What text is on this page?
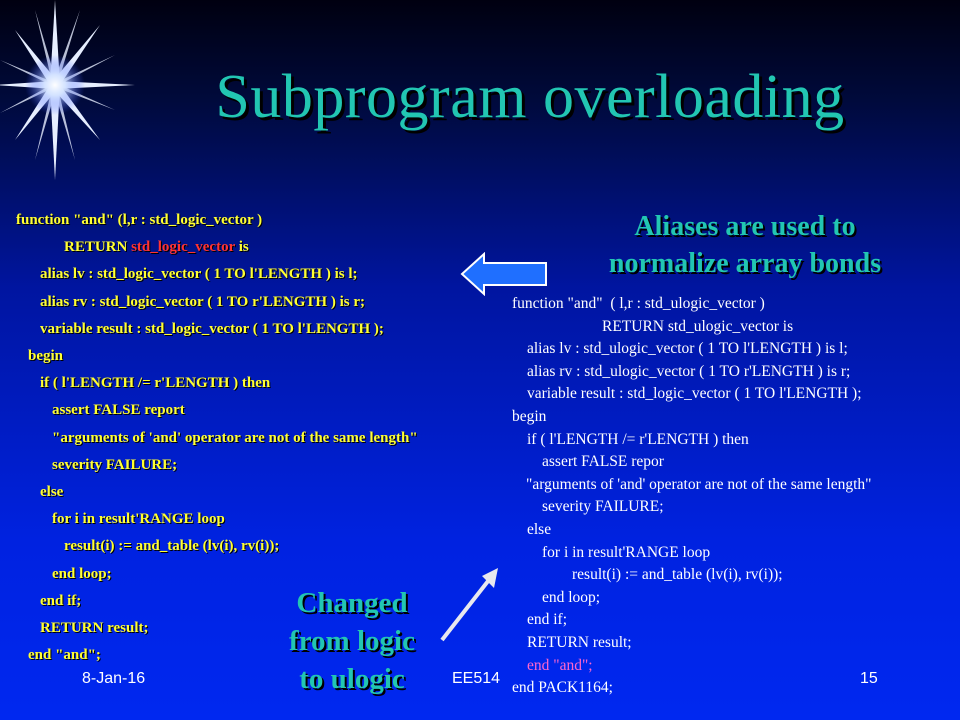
Subprogram overloading
function "and" (l,r : std_logic_vector )
RETURN std_logic_vector is
alias lv : std_logic_vector ( 1 TO l'LENGTH ) is l;
alias rv : std_logic_vector ( 1 TO r'LENGTH ) is r;
variable result : std_logic_vector ( 1 TO l'LENGTH );
begin
if ( l'LENGTH /= r'LENGTH ) then
assert FALSE report
"arguments of 'and' operator are not of the same length"
severity FAILURE;
else
for i in result'RANGE loop
result(i) := and_table (lv(i), rv(i));
end loop;
end if;
RETURN result;
end "and";
function "and"  ( l,r : std_ulogic_vector )
RETURN std_ulogic_vector is
alias lv : std_ulogic_vector ( 1 TO l'LENGTH ) is l;
alias rv : std_ulogic_vector ( 1 TO r'LENGTH ) is r;
variable result : std_logic_vector ( 1 TO l'LENGTH );
begin
if ( l'LENGTH /= r'LENGTH ) then
assert FALSE repor
"arguments of 'and' operator are not of the same length"
severity FAILURE;
else
for i in result'RANGE loop
result(i) := and_table (lv(i), rv(i));
end loop;
end if;
RETURN result;
end "and";
end PACK1164;
Aliases are used to
normalize array bonds
Changed
from logic
to ulogic
8-Jan-16	EE514	15
